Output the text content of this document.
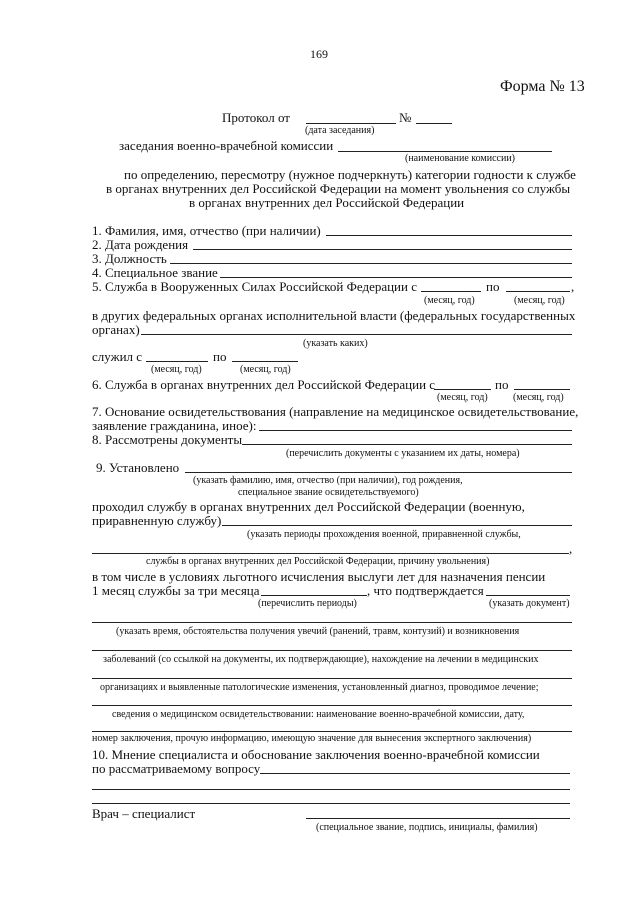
169
Форма № 13
Протокол от	№
(дата заседания)
заседания военно-врачебной комиссии
(наименование комиссии)
по определению, пересмотру (нужное подчеркнуть) категории годности к службе
в органах внутренних дел Российской Федерации на момент увольнения со службы
в органах внутренних дел Российской Федерации
1. Фамилия, имя, отчество (при наличии)
2. Дата рождения
3. Должность
4. Специальное звание
5. Служба в Вооруженных Силах Российской Федерации с	по	,
(месяц, год)	(месяц, год)
в других федеральных органах исполнительной власти (федеральных государственных
органах)
(указать каких)
служил с	по
(месяц, год)	(месяц, год)
6. Служба в органах внутренних дел Российской Федерации с	по
(месяц, год)	(месяц, год)
7. Основание освидетельствования (направление на медицинское освидетельствование,
заявление гражданина, иное):
8. Рассмотрены документы
(перечислить документы с указанием их даты, номера)
9. Установлено
(указать фамилию, имя, отчество (при наличии), год рождения,
специальное звание освидетельствуемого)
проходил службу в органах внутренних дел Российской Федерации (военную,
приравненную службу)
(указать периоды прохождения военной, приравненной службы,
,
службы в органах внутренних дел Российской Федерации, причину увольнения)
в том числе в условиях льготного исчисления выслуги лет для назначения пенсии
1 месяц службы за три месяца	, что подтверждается
(перечислить периоды)	(указать документ)
(указать время, обстоятельства получения увечий (ранений, травм, контузий) и возникновения
заболеваний (со ссылкой на документы, их подтверждающие), нахождение на лечении в медицинских
организациях и выявленные патологические изменения, установленный диагноз, проводимое лечение;
сведения о медицинском освидетельствовании: наименование военно-врачебной комиссии, дату,
номер заключения, прочую информацию, имеющую значение для вынесения экспертного заключения)
10. Мнение специалиста и обоснование заключения военно-врачебной комиссии
по рассматриваемому вопросу
Врач – специалист
(специальное звание, подпись, инициалы, фамилия)
